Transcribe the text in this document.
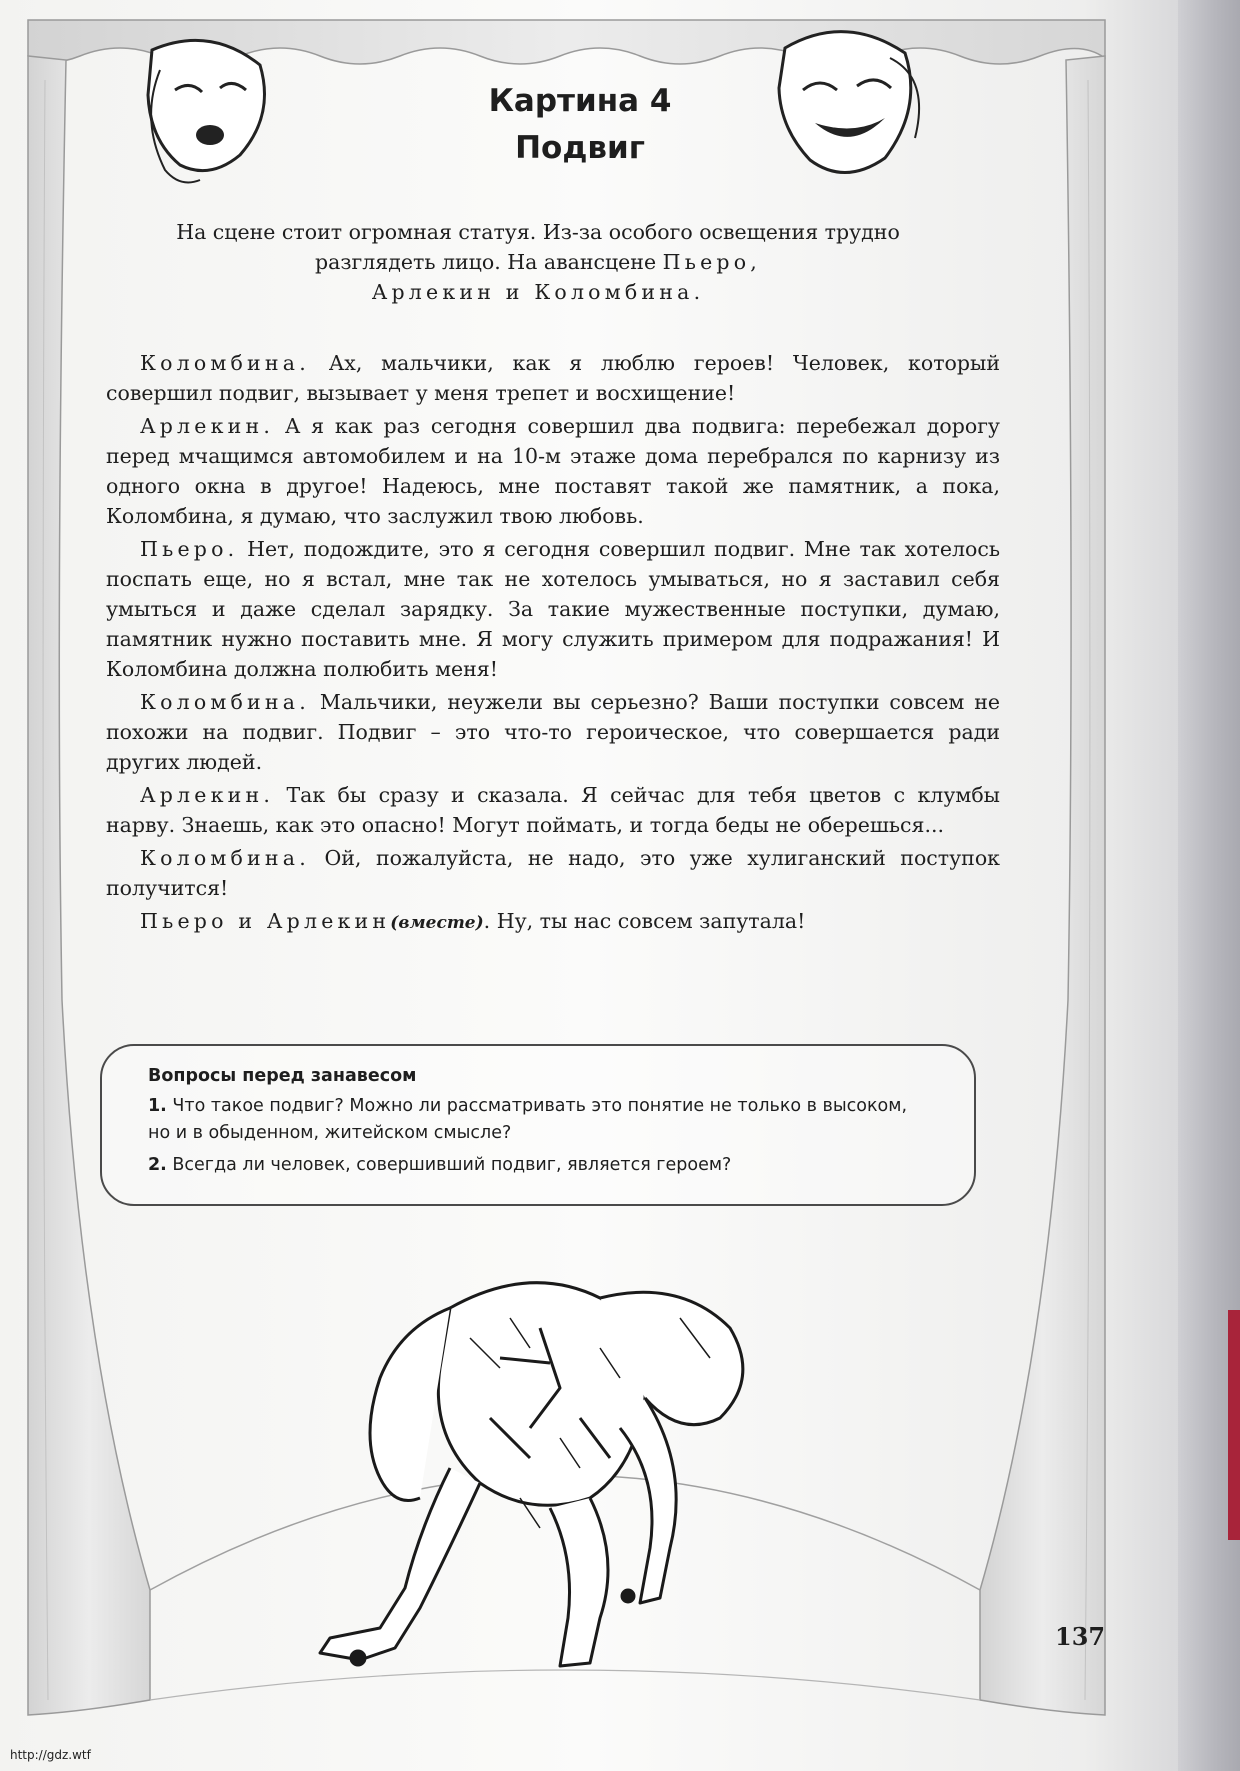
Картина 4
Подвиг
На сцене стоит огромная статуя. Из-за особого освещения трудно
разглядеть лицо. На авансцене Пьеро,
Арлекин и Коломбина.

Коломбина. Ах, мальчики, как я люблю героев! Человек, который совершил подвиг, вызывает у меня трепет и восхищение!

Арлекин. А я как раз сегодня совершил два подвига: перебежал дорогу перед мчащимся автомобилем и на 10-м этаже дома перебрался по карнизу из одного окна в другое! Надеюсь, мне поставят такой же памятник, а пока, Коломбина, я думаю, что заслужил твою любовь.

Пьеро. Нет, подождите, это я сегодня совершил подвиг. Мне так хотелось поспать еще, но я встал, мне так не хотелось умываться, но я заставил себя умыться и даже сделал зарядку. За такие мужественные поступки, думаю, памятник нужно поставить мне. Я могу служить примером для подражания! И Коломбина должна полюбить меня!

Коломбина. Мальчики, неужели вы серьезно? Ваши поступки совсем не похожи на подвиг. Подвиг – это что-то героическое, что совершается ради других людей.

Арлекин. Так бы сразу и сказала. Я сейчас для тебя цветов с клумбы нарву. Знаешь, как это опасно! Могут поймать, и тогда беды не оберешься...

Коломбина. Ой, пожалуйста, не надо, это уже хулиганский поступок получится!

Пьеро и Арлекин(вместе). Ну, ты нас совсем запутала!

Вопросы перед занавесом

1. Что такое подвиг? Можно ли рассматривать это понятие не только в высоком, но и в обыденном, житейском смысле?

2. Всегда ли человек, совершивший подвиг, является героем?

137
http://gdz.wtf
